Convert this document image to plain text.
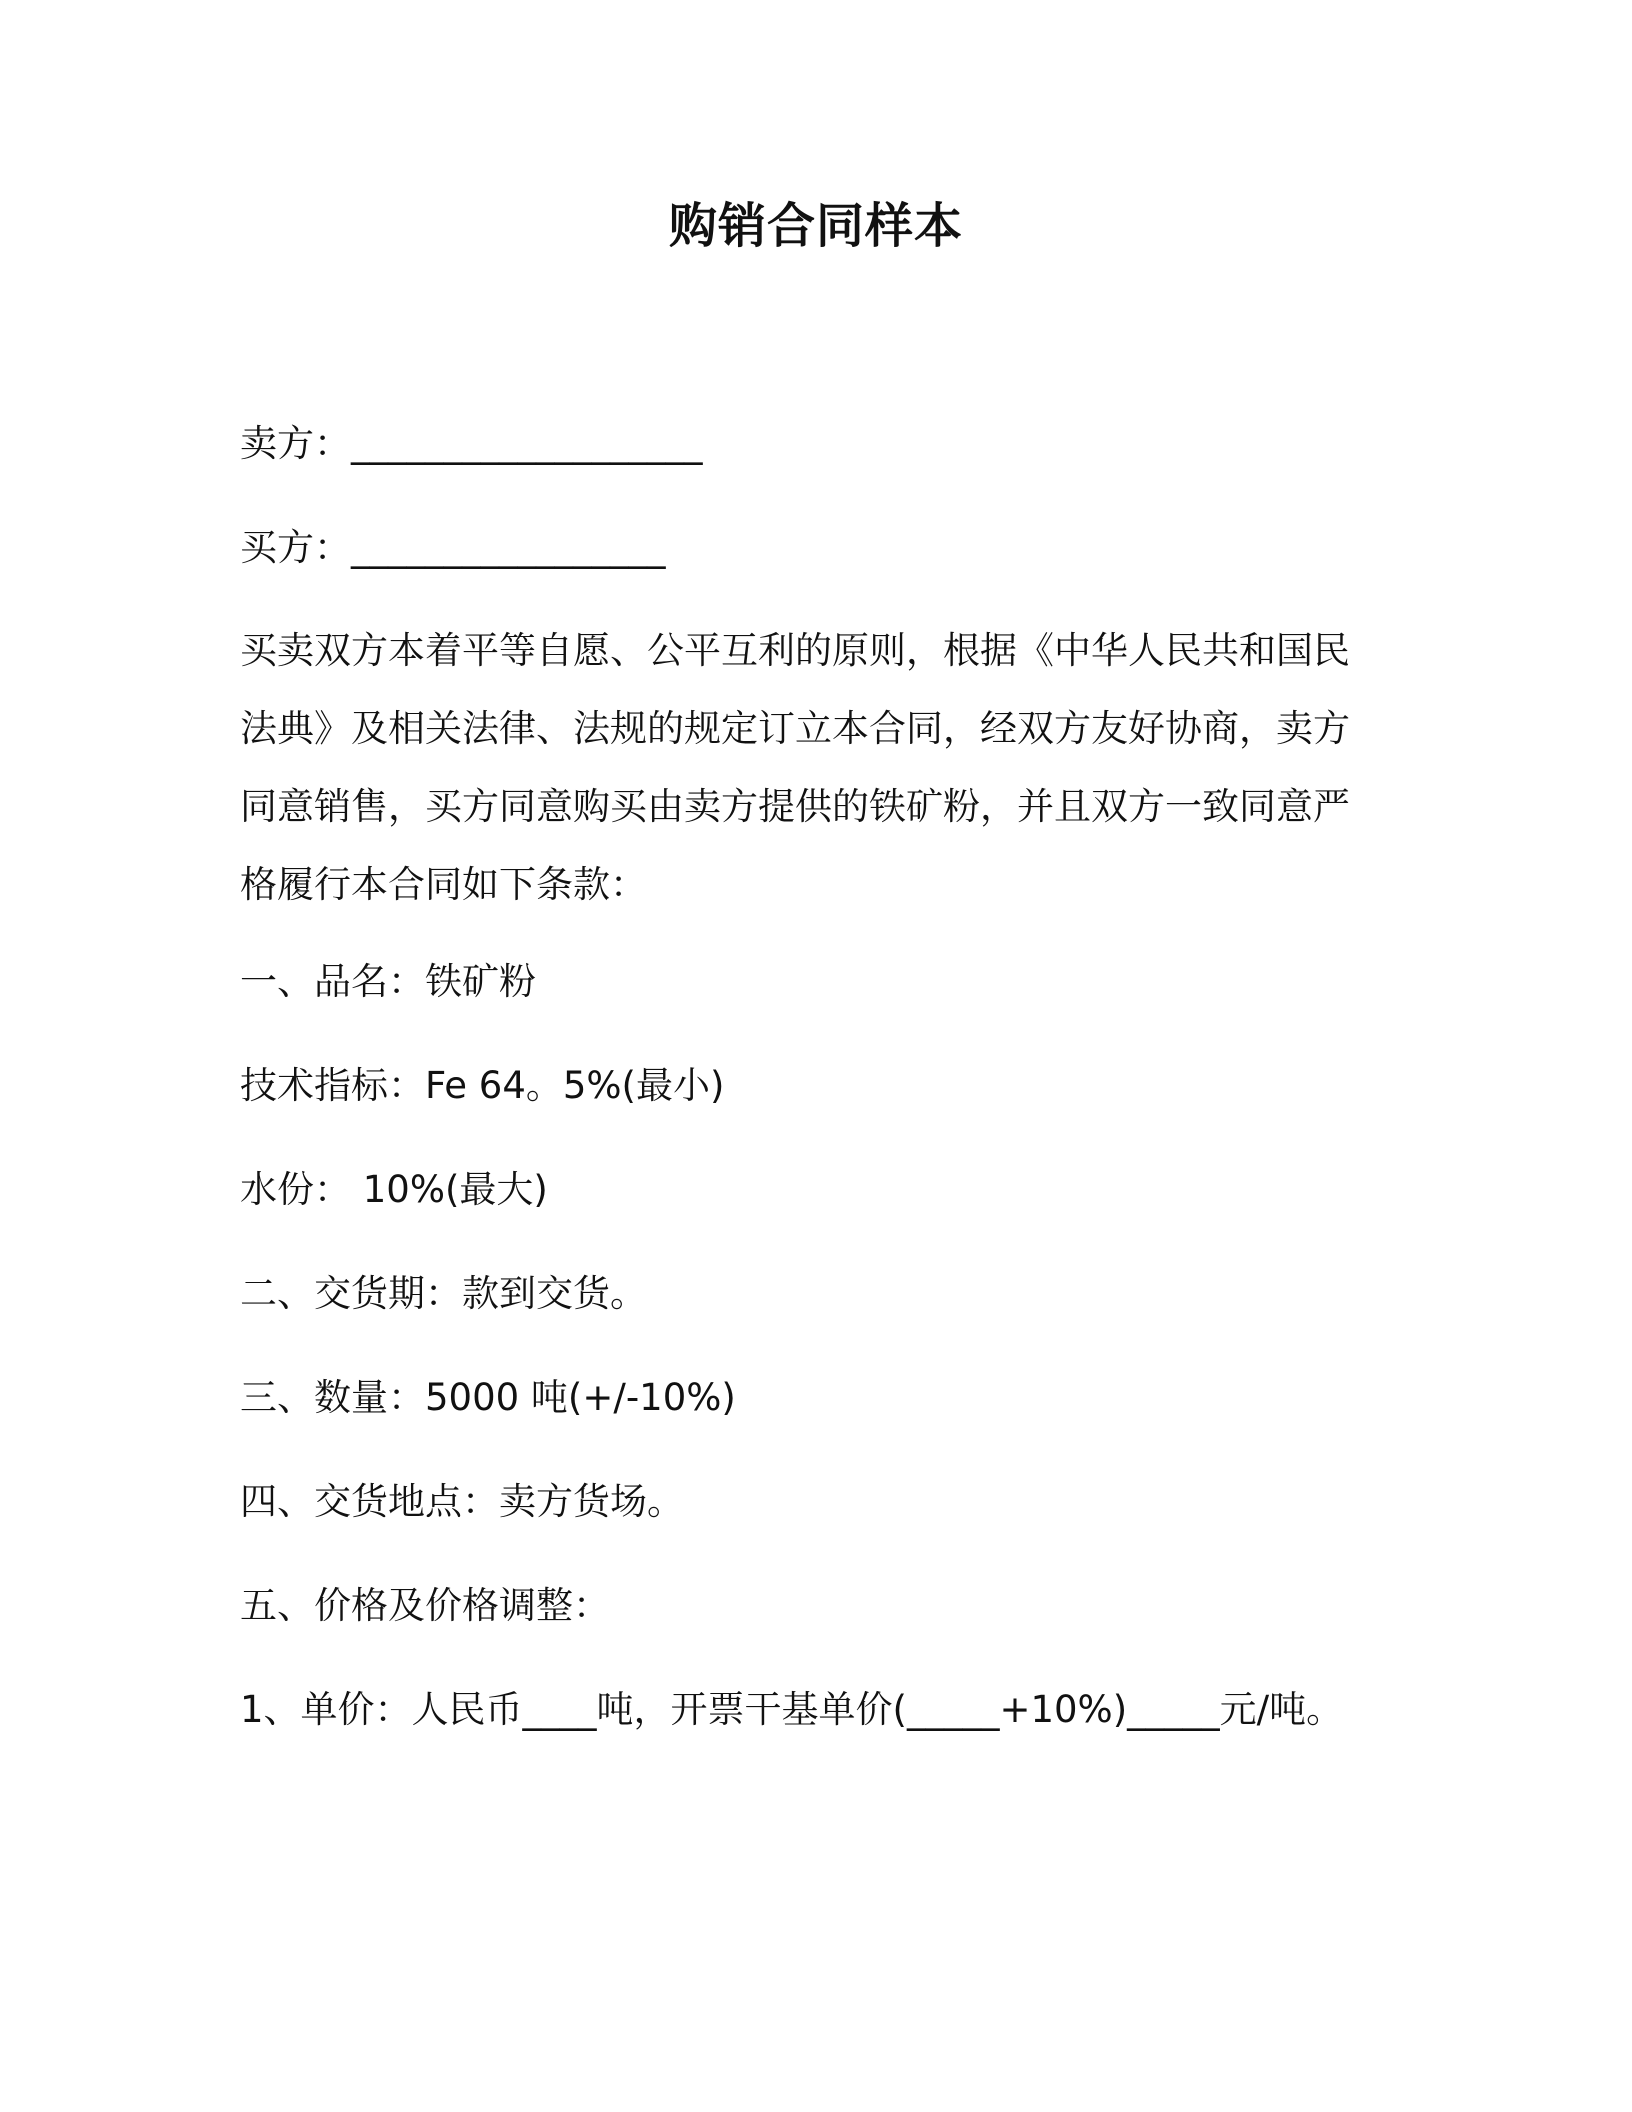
购销合同样本

卖方：___________________

买方：_________________

买卖双方本着平等自愿、公平互利的原则，根据《中华人民共和国民
法典》及相关法律、法规的规定订立本合同，经双方友好协商，卖方
同意销售，买方同意购买由卖方提供的铁矿粉，并且双方一致同意严
格履行本合同如下条款：

一、品名：铁矿粉

技术指标：Fe 64。5%(最小)

水份： 10%(最大)

二、交货期：款到交货。

三、数量：5000 吨(+/-10%)

四、交货地点：卖方货场。

五、价格及价格调整：

1、单价：人民币____吨，开票干基单价(_____+10%)_____元/吨。
